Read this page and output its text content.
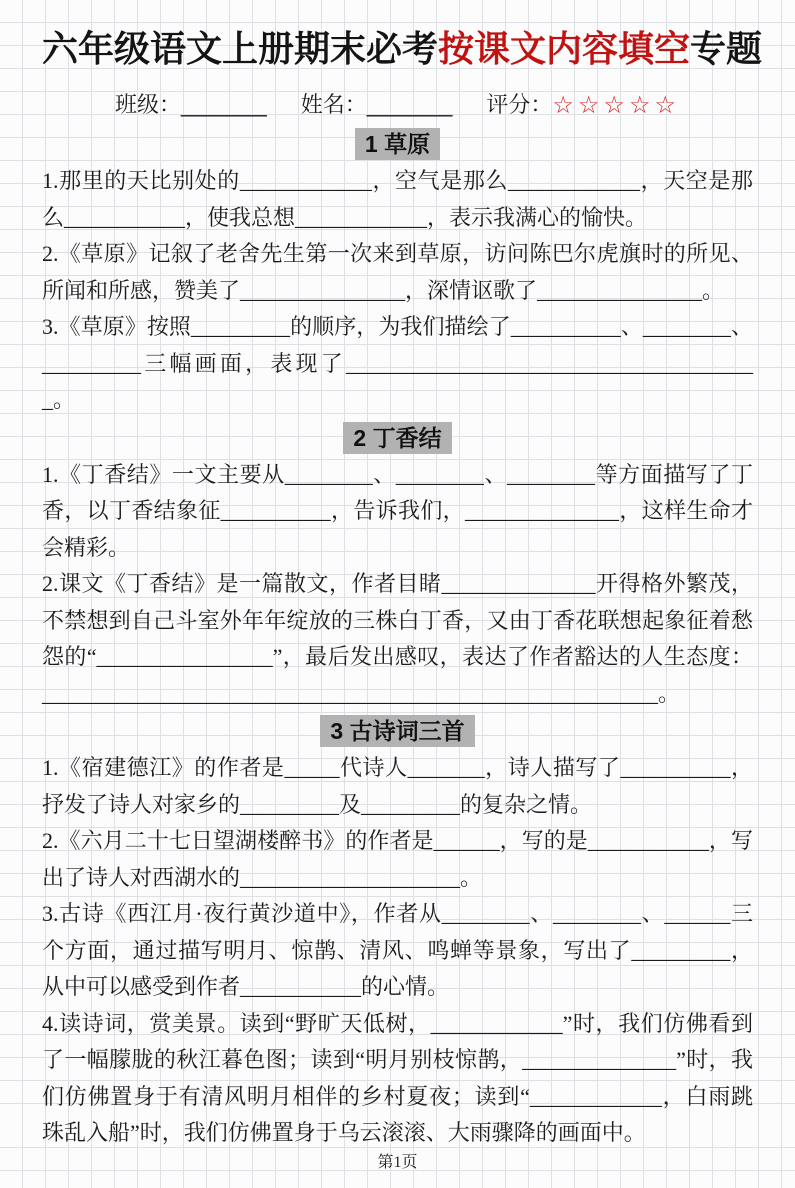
六年级语文上册期末必考按课文内容填空专题
班级：_______ 姓名：_______ 评分：☆☆☆☆☆
1 草原

1.那里的天比别处的____________，空气是那么____________，天空是那么___________，使我总想____________，表示我满心的愉快。

2.《草原》记叙了老舍先生第一次来到草原，访问陈巴尔虎旗时的所见、所闻和所感，赞美了_______________，深情讴歌了_______________。

3.《草原》按照_________的顺序，为我们描绘了__________、________、_________三幅画面，表现了______________________________________。

2 丁香结

1.《丁香结》一文主要从________、________、________等方面描写了丁香，以丁香结象征__________，告诉我们，______________，这样生命才会精彩。

2.课文《丁香结》是一篇散文，作者目睹______________开得格外繁茂，不禁想到自己斗室外年年绽放的三株白丁香，又由丁香花联想起象征着愁怨的“________________”，最后发出感叹，表达了作者豁达的人生态度：________________________________________________________。

3 古诗词三首

1.《宿建德江》的作者是_____代诗人_______，诗人描写了__________，抒发了诗人对家乡的_________及_________的复杂之情。

2.《六月二十七日望湖楼醉书》的作者是______，写的是___________，写出了诗人对西湖水的____________________。

3.古诗《西江月·夜行黄沙道中》，作者从________、________、______三个方面，通过描写明月、惊鹊、清风、鸣蝉等景象，写出了_________，从中可以感受到作者___________的心情。

4.读诗词，赏美景。读到“野旷天低树，____________”时，我们仿佛看到了一幅朦胧的秋江暮色图；读到“明月别枝惊鹊，______________”时，我们仿佛置身于有清风明月相伴的乡村夏夜；读到“____________，白雨跳珠乱入船”时，我们仿佛置身于乌云滚滚、大雨骤降的画面中。

第1页
